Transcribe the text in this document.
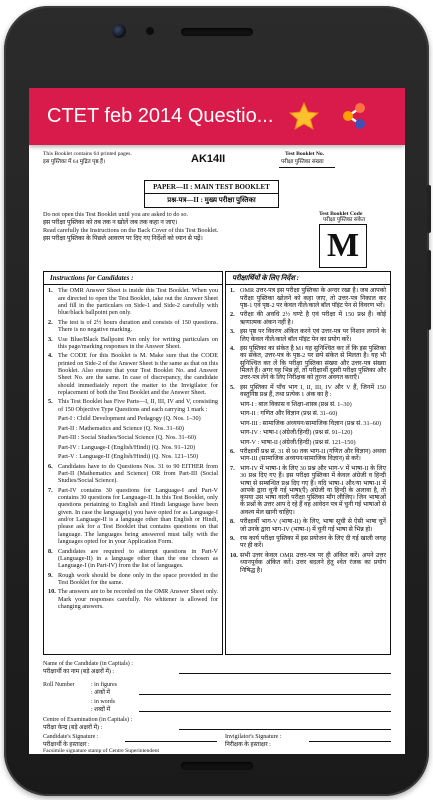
CTET feb 2014 Questio...
This Booklet contains 64 printed pages.
इस पुस्तिका में 64 मुद्रित पृष्ठ हैं।	AK14II	Test Booklet No.
परीक्षा पुस्तिका संख्या
PAPER—II : MAIN TEST BOOKLET
प्रश्न-पत्र—II : मुख्य परीक्षा पुस्तिका
Test Booklet Code
परीक्षा पुस्तिका संकेत
M
Do not open this Test Booklet until you are asked to do so.
इस परीक्षा पुस्तिका को तब तक न खोलें जब तक कहा न जाए।
Read carefully the Instructions on the Back Cover of this Test Booklet.
इस परीक्षा पुस्तिका के पिछले आवरण पर दिए गए निर्देशों को ध्यान से पढ़ें।
Instructions for Candidates :
1. The OMR Answer Sheet is inside this Test Booklet. When you are directed to open the Test Booklet, take out the Answer Sheet and fill in the particulars on Side-1 and Side-2 carefully with blue/black ballpoint pen only.
2. The test is of 2½ hours duration and consists of 150 questions. There is no negative marking.
3. Use Blue/Black Ballpoint Pen only for writing particulars on this page/marking responses in the Answer Sheet.
4. The CODE for this Booklet is M. Make sure that the CODE printed on Side-2 of the Answer Sheet is the same as that on this Booklet. Also ensure that your Test Booklet No. and Answer Sheet No. are the same. In case of discrepancy, the candidate should immediately report the matter to the Invigilator for replacement of both the Test Booklet and the Answer Sheet.
5. This Test Booklet has Five Parts—I, II, III, IV and V, consisting of 150 Objective Type Questions and each carrying 1 mark :
Part-I : Child Development and Pedagogy (Q. Nos. 1–30)
Part-II : Mathematics and Science (Q. Nos. 31–60)
Part-III : Social Studies/Social Science (Q. Nos. 31–60)
Part-IV : Language-I (English/Hindi) (Q. Nos. 91–120)
Part-V : Language-II (English/Hindi) (Q. Nos. 121–150)
6. Candidates have to do Questions Nos. 31 to 90 EITHER from Part-II (Mathematics and Science) OR from Part-III (Social Studies/Social Science).
7. Part-IV contains 30 questions for Language-I and Part-V contains 30 questions for Language-II. In this Test Booklet, only questions pertaining to English and Hindi language have been given. In case the language(s) you have opted for as Language-I and/or Language-II is a language other than English or Hindi, please ask for a Test Booklet that contains questions on that language. The languages being answered must tally with the languages opted for in your Application Form.
8. Candidates are required to attempt questions in Part-V (Language-II) in a language other than the one chosen as Language-I (in Part-IV) from the list of languages.
9. Rough work should be done only in the space provided in the Test Booklet for the same.
10. The answers are to be recorded on the OMR Answer Sheet only. Mark your responses carefully. No whitener is allowed for changing answers.
परीक्षार्थियों के लिए निर्देश :
1. OMR उत्तर-पत्र इस परीक्षा पुस्तिका के अन्दर रखा है। जब आपको परीक्षा पुस्तिका खोलने को कहा जाए, तो उत्तर-पत्र निकाल कर पृष्ठ-1 एवं पृष्ठ-2 पर केवल नीले/काले बॉल पॉइंट पेन से विवरण भरें।
2. परीक्षा की अवधि 2½ घण्टे है एवं परीक्षा में 150 प्रश्न हैं। कोई ऋणात्मक अंकन नहीं है।
3. इस पृष्ठ पर विवरण अंकित करने एवं उत्तर-पत्र पर निशान लगाने के लिए केवल नीले/काले बॉल पॉइंट पेन का प्रयोग करें।
4. इस पुस्तिका का संकेत है M। यह सुनिश्चित कर लें कि इस पुस्तिका का संकेत, उत्तर-पत्र के पृष्ठ-2 पर छपे संकेत से मिलता है। यह भी सुनिश्चित कर लें कि परीक्षा पुस्तिका संख्या और उत्तर-पत्र संख्या मिलते हैं। अगर यह भिन्न हों, तो परीक्षार्थी दूसरी परीक्षा पुस्तिका और उत्तर-पत्र लेने के लिए निरीक्षक को तुरन्त अवगत कराएँ।
5. इस पुस्तिका में पाँच भाग I, II, III, IV और V हैं, जिनमें 150 वस्तुनिष्ठ प्रश्न हैं, तथा प्रत्येक 1 अंक का है :
भाग-I : बाल विकास व शिक्षा-शास्त्र (प्रश्न सं. 1–30)
भाग-II : गणित और विज्ञान (प्रश्न सं. 31–60)
भाग-III : सामाजिक अध्ययन/सामाजिक विज्ञान (प्रश्न सं. 31–60)
भाग-IV : भाषा-I (अंग्रेजी/हिन्दी) (प्रश्न सं. 91–120)
भाग-V : भाषा-II (अंग्रेजी/हिन्दी) (प्रश्न सं. 121–150)
6. परीक्षार्थी प्रश्न सं. 31 से 90 तक भाग-II (गणित और विज्ञान) अथवा भाग-III (सामाजिक अध्ययन/सामाजिक विज्ञान) से करें।
7. भाग-IV में भाषा-I के लिए 30 प्रश्न और भाग-V में भाषा-II के लिए 30 प्रश्न दिए गए हैं। इस परीक्षा पुस्तिका में केवल अंग्रेजी व हिन्दी भाषा से सम्बन्धित प्रश्न दिए गए हैं। यदि भाषा-I और/या भाषा-II में आपके द्वारा चुनी गई भाषा(एँ) अंग्रेजी या हिन्दी के अलावा है, तो कृपया उस भाषा वाली परीक्षा पुस्तिका माँग लीजिए। जिन भाषाओं के प्रश्नों के उत्तर आप दे रहे हैं वह आवेदन पत्र में चुनी गई भाषाओं से अवश्य मेल खानी चाहिए।
8. परीक्षार्थी भाग-V (भाषा-II) के लिए, भाषा सूची से ऐसी भाषा चुनें जो उनके द्वारा भाग-IV (भाषा-I) में चुनी गई भाषा से भिन्न हो।
9. रफ कार्य परीक्षा पुस्तिका में इस प्रयोजन के लिए दी गई खाली जगह पर ही करें।
10. सभी उत्तर केवल OMR उत्तर-पत्र पर ही अंकित करें। अपने उत्तर ध्यानपूर्वक अंकित करें। उत्तर बदलने हेतु श्वेत रंजक का प्रयोग निषिद्ध है।
Name of the Candidate (in Capitals) :
परीक्षार्थी का नाम (बड़े अक्षरों में) :
Roll Number	: in figures
: अंकों में
: in words
: शब्दों में
Centre of Examination (in Capitals) :
परीक्षा केन्द्र (बड़े अक्षरों में) :
Candidate's Signature :
परीक्षार्थी के हस्ताक्षर :
Invigilator's Signature :
निरीक्षक के हस्ताक्षर :
Facsimile signature stamp of Centre Superintendent
